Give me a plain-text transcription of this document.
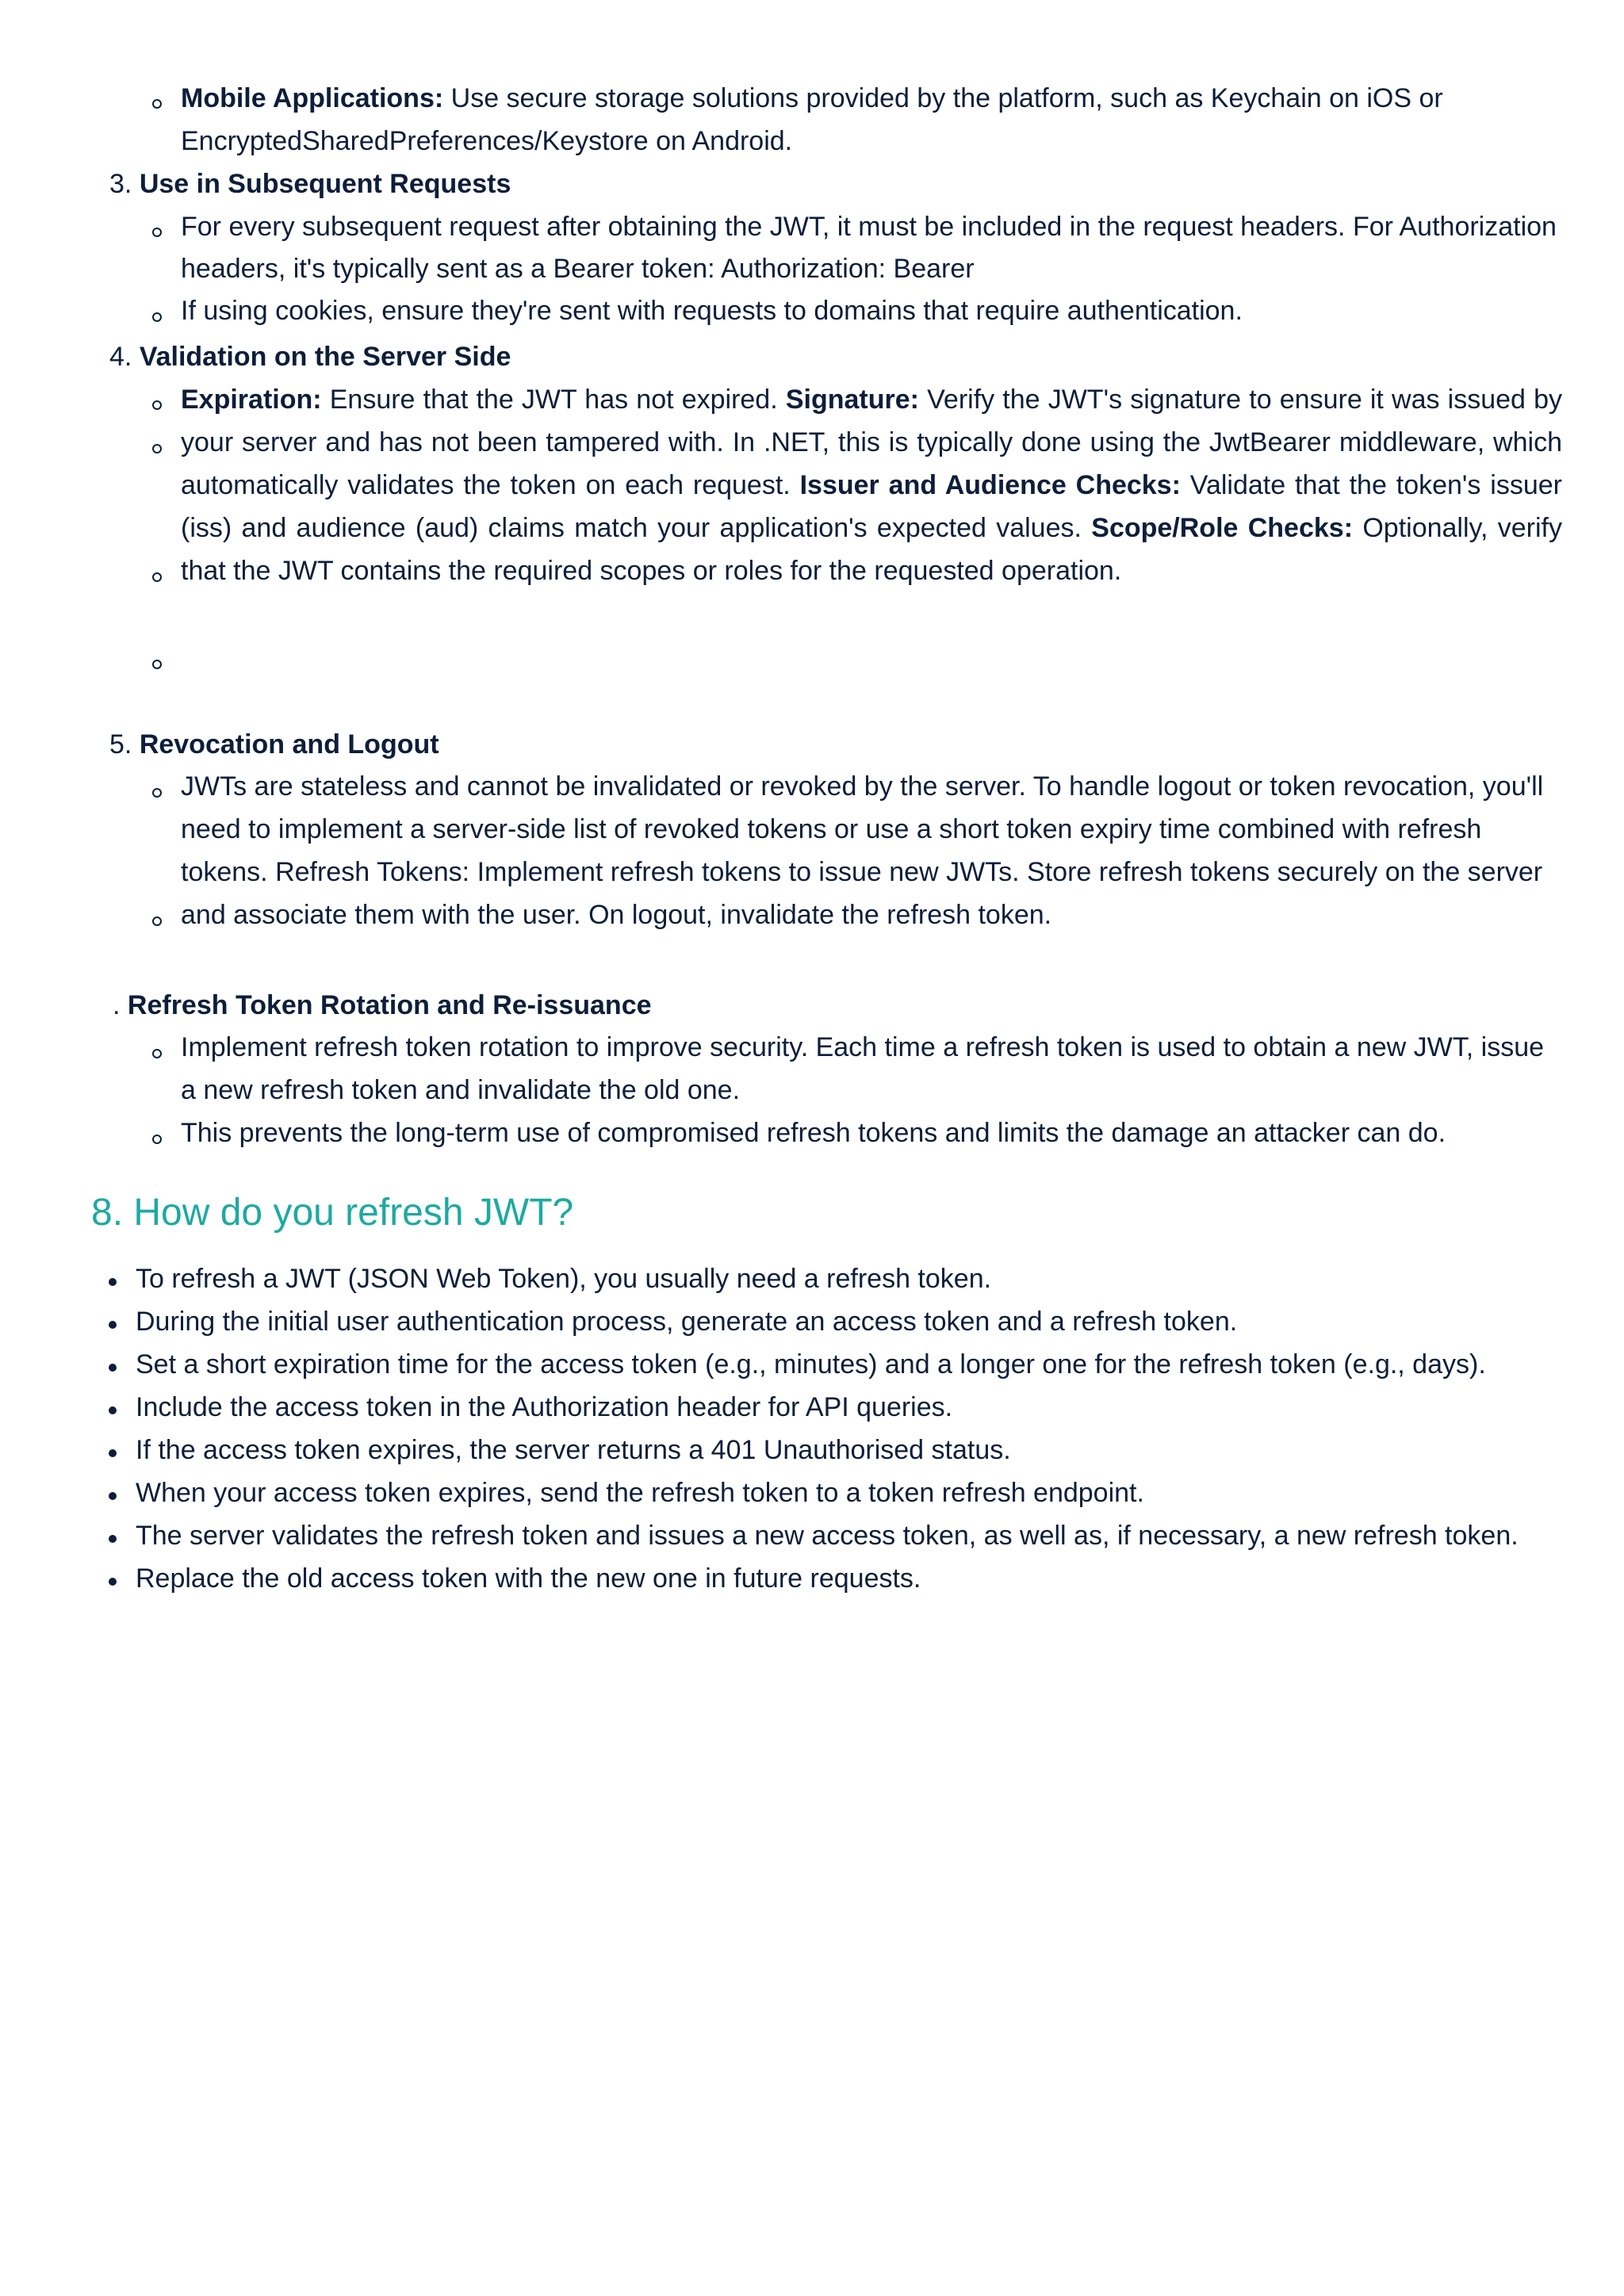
Mobile Applications: Use secure storage solutions provided by the platform, such as Keychain on iOS or
EncryptedSharedPreferences/Keystore on Android.
3. Use in Subsequent Requests
For every subsequent request after obtaining the JWT, it must be included in the request headers. For Authorization
headers, it's typically sent as a Bearer token: Authorization: Bearer
If using cookies, ensure they're sent with requests to domains that require authentication.
4. Validation on the Server Side
Expiration: Ensure that the JWT has not expired. Signature: Verify the JWT's signature to ensure it was issued by
your server and has not been tampered with. In .NET, this is typically done using the JwtBearer middleware, which
automatically validates the token on each request. Issuer and Audience Checks: Validate that the token's issuer
(iss) and audience (aud) claims match your application's expected values. Scope/Role Checks: Optionally, verify
that the JWT contains the required scopes or roles for the requested operation.
5. Revocation and Logout
JWTs are stateless and cannot be invalidated or revoked by the server. To handle logout or token revocation, you'll
need to implement a server-side list of revoked tokens or use a short token expiry time combined with refresh
tokens. Refresh Tokens: Implement refresh tokens to issue new JWTs. Store refresh tokens securely on the server
and associate them with the user. On logout, invalidate the refresh token.
. Refresh Token Rotation and Re-issuance
Implement refresh token rotation to improve security. Each time a refresh token is used to obtain a new JWT, issue
a new refresh token and invalidate the old one.
This prevents the long-term use of compromised refresh tokens and limits the damage an attacker can do.
8. How do you refresh JWT?
To refresh a JWT (JSON Web Token), you usually need a refresh token.
During the initial user authentication process, generate an access token and a refresh token.
Set a short expiration time for the access token (e.g., minutes) and a longer one for the refresh token (e.g., days).
Include the access token in the Authorization header for API queries.
If the access token expires, the server returns a 401 Unauthorised status.
When your access token expires, send the refresh token to a token refresh endpoint.
The server validates the refresh token and issues a new access token, as well as, if necessary, a new refresh token.
Replace the old access token with the new one in future requests.
